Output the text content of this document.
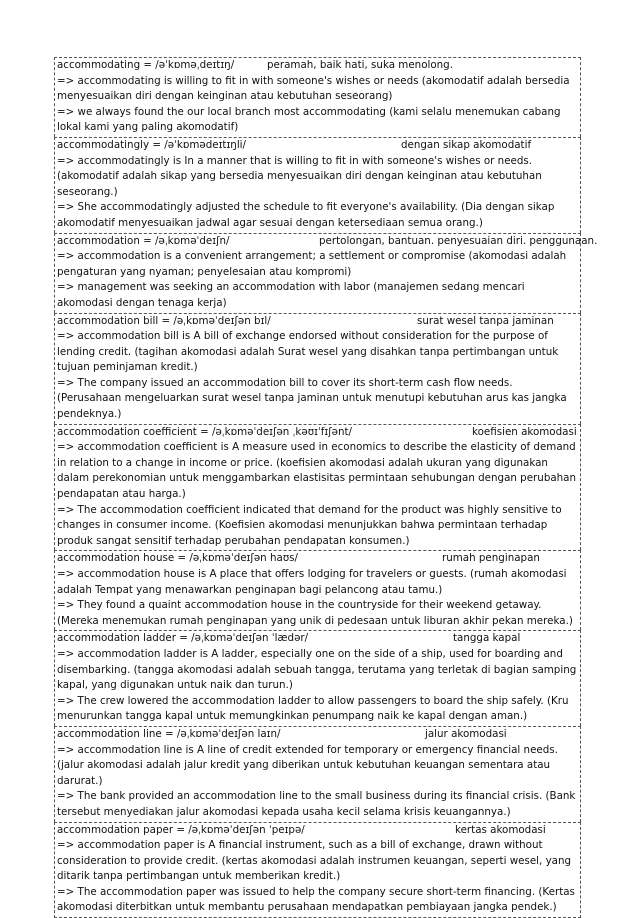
accommodating = /əˈkɒməˌdeɪtɪŋ/	peramah, baik hati, suka menolong.

=> accommodating is willing to fit in with someone's wishes or needs (akomodatif adalah bersedia menyesuaikan diri dengan keinginan atau kebutuhan seseorang)

=> we always found the our local branch most accommodating (kami selalu menemukan cabang lokal kami yang paling akomodatif)

accommodatingly = /əˈkɒmədeɪtɪŋli/	dengan sikap akomodatif

=> accommodatingly is In a manner that is willing to fit in with someone's wishes or needs. (akomodatif adalah sikap yang bersedia menyesuaikan diri dengan keinginan atau kebutuhan seseorang.)

=> She accommodatingly adjusted the schedule to fit everyone's availability. (Dia dengan sikap akomodatif menyesuaikan jadwal agar sesuai dengan ketersediaan semua orang.)

accommodation = /əˌkɒməˈdeɪʃn/	pertolongan, bantuan. penyesuaian diri. penggunaan.

=> accommodation is a convenient arrangement; a settlement or compromise (akomodasi adalah pengaturan yang nyaman; penyelesaian atau kompromi)

=> management was seeking an accommodation with labor (manajemen sedang mencari akomodasi dengan tenaga kerja)

accommodation bill = /əˌkɒməˈdeɪʃən bɪl/	surat wesel tanpa jaminan

=> accommodation bill is A bill of exchange endorsed without consideration for the purpose of lending credit. (tagihan akomodasi adalah Surat wesel yang disahkan tanpa pertimbangan untuk tujuan peminjaman kredit.)

=> The company issued an accommodation bill to cover its short-term cash flow needs. (Perusahaan mengeluarkan surat wesel tanpa jaminan untuk menutupi kebutuhan arus kas jangka pendeknya.)

accommodation coefficient = /əˌkɒməˈdeɪʃən ˌkəʊɪˈfɪʃənt/	koefisien akomodasi

=> accommodation coefficient is A measure used in economics to describe the elasticity of demand in relation to a change in income or price. (koefisien akomodasi adalah ukuran yang digunakan dalam perekonomian untuk menggambarkan elastisitas permintaan sehubungan dengan perubahan pendapatan atau harga.)

=> The accommodation coefficient indicated that demand for the product was highly sensitive to changes in consumer income. (Koefisien akomodasi menunjukkan bahwa permintaan terhadap produk sangat sensitif terhadap perubahan pendapatan konsumen.)

accommodation house = /əˌkɒməˈdeɪʃən haʊs/	rumah penginapan

=> accommodation house is A place that offers lodging for travelers or guests. (rumah akomodasi adalah Tempat yang menawarkan penginapan bagi pelancong atau tamu.)

=> They found a quaint accommodation house in the countryside for their weekend getaway. (Mereka menemukan rumah penginapan yang unik di pedesaan untuk liburan akhir pekan mereka.)

accommodation ladder = /əˌkɒməˈdeɪʃən ˈlædər/	tangga kapal

=> accommodation ladder is A ladder, especially one on the side of a ship, used for boarding and disembarking. (tangga akomodasi adalah sebuah tangga, terutama yang terletak di bagian samping kapal, yang digunakan untuk naik dan turun.)

=> The crew lowered the accommodation ladder to allow passengers to board the ship safely. (Kru menurunkan tangga kapal untuk memungkinkan penumpang naik ke kapal dengan aman.)

accommodation line = /əˌkɒməˈdeɪʃən laɪn/	jalur akomodasi

=> accommodation line is A line of credit extended for temporary or emergency financial needs. (jalur akomodasi adalah jalur kredit yang diberikan untuk kebutuhan keuangan sementara atau darurat.)

=> The bank provided an accommodation line to the small business during its financial crisis. (Bank tersebut menyediakan jalur akomodasi kepada usaha kecil selama krisis keuangannya.)

accommodation paper = /əˌkɒməˈdeɪʃən ˈpeɪpə/	kertas akomodasi

=> accommodation paper is A financial instrument, such as a bill of exchange, drawn without consideration to provide credit. (kertas akomodasi adalah instrumen keuangan, seperti wesel, yang ditarik tanpa pertimbangan untuk memberikan kredit.)

=> The accommodation paper was issued to help the company secure short-term financing. (Kertas akomodasi diterbitkan untuk membantu perusahaan mendapatkan pembiayaan jangka pendek.)
